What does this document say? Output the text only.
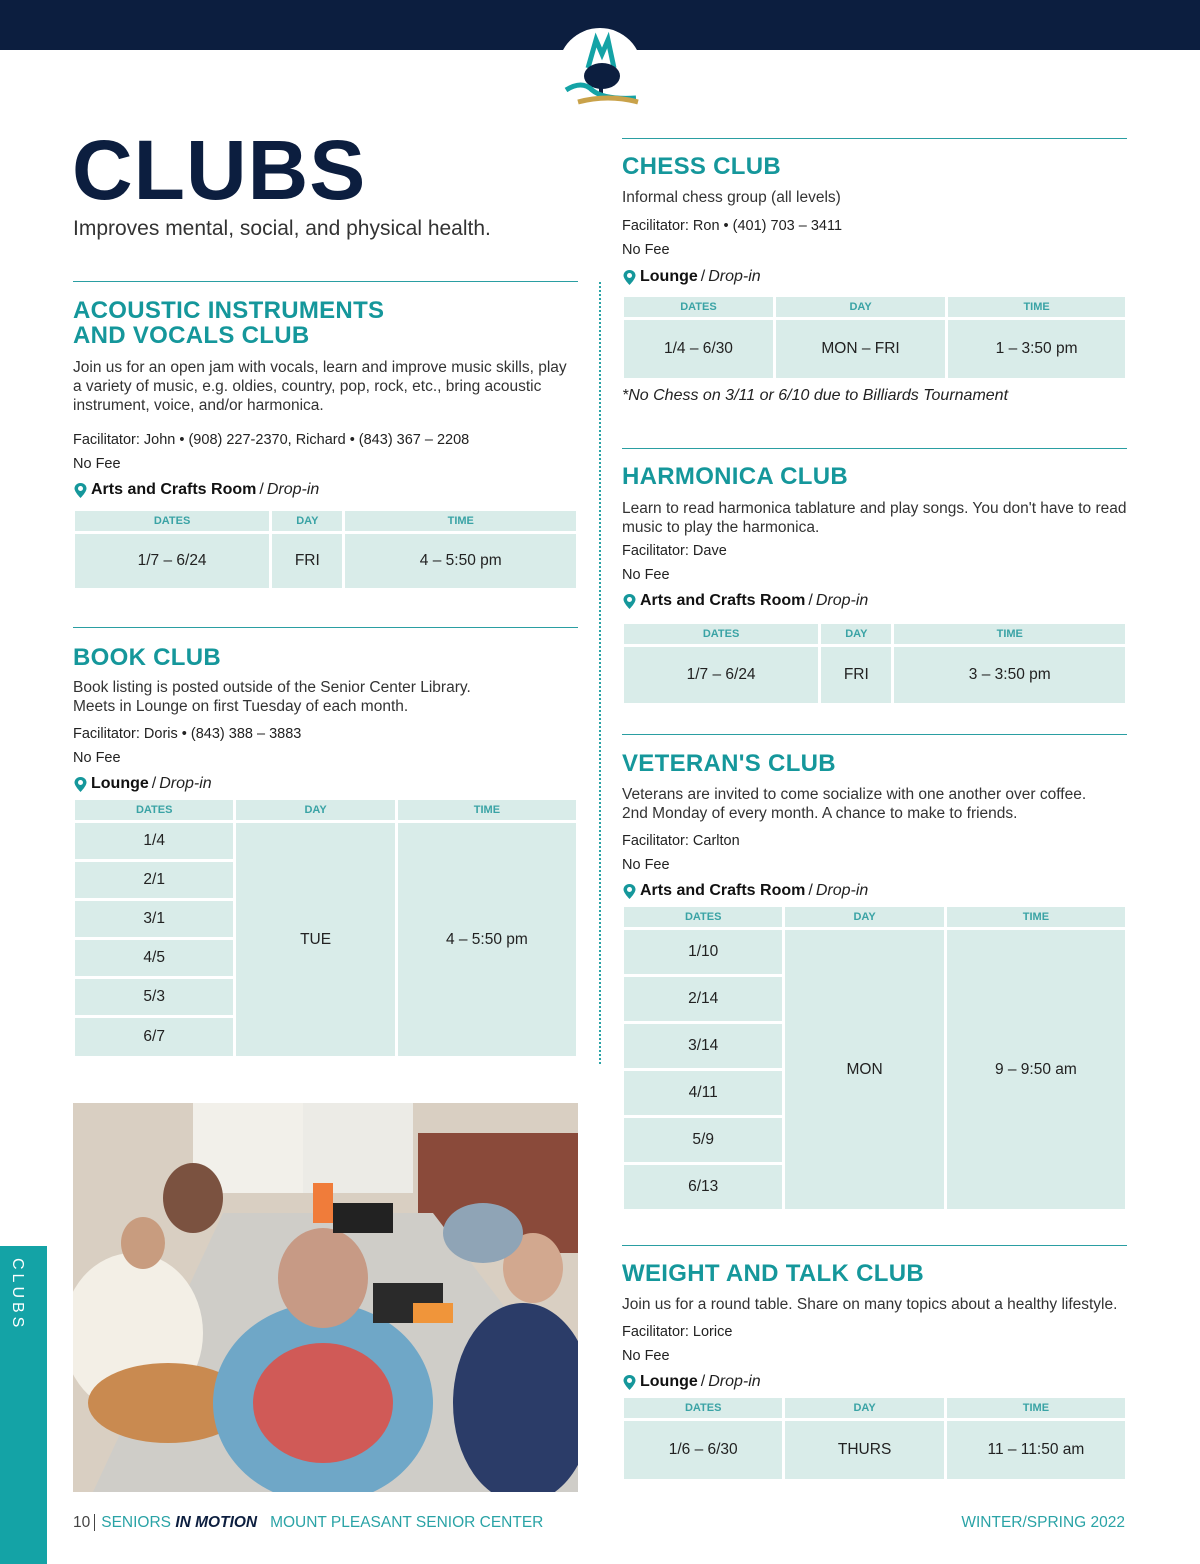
CLUBS
CLUBS
Improves mental, social, and physical health.
ACOUSTIC INSTRUMENTS
AND VOCALS CLUB
Join us for an open jam with vocals, learn and improve music skills, play a variety of music, e.g. oldies, country, pop, rock, etc., bring acoustic instrument, voice, and/or harmonica.
Facilitator: John • (908) 227-2370, Richard • (843) 367 – 2208
No Fee
Arts and Crafts Room / Drop-in
DATES	DAY	TIME
1/7 – 6/24	FRI	4 – 5:50 pm
BOOK CLUB
Book listing is posted outside of the Senior Center Library.
Meets in Lounge on first Tuesday of each month.
Facilitator: Doris • (843) 388 – 3883
No Fee
Lounge / Drop-in
DATES	DAY	TIME
1/4	TUE	4 – 5:50 pm
2/1		
3/1		
4/5		
5/3		
6/7		
CHESS CLUB
Informal chess group (all levels)
Facilitator: Ron • (401) 703 – 3411
No Fee
Lounge / Drop-in
DATES	DAY	TIME
1/4 – 6/30	MON – FRI	1 – 3:50 pm
*No Chess on 3/11 or 6/10 due to Billiards Tournament
HARMONICA CLUB
Learn to read harmonica tablature and play songs. You don't have to read music to play the harmonica.
Facilitator: Dave
No Fee
Arts and Crafts Room / Drop-in
DATES	DAY	TIME
1/7 – 6/24	FRI	3 – 3:50 pm
VETERAN'S CLUB
Veterans are invited to come socialize with one another over coffee.
2nd Monday of every month. A chance to make to friends.
Facilitator: Carlton
No Fee
Arts and Crafts Room / Drop-in
DATES	DAY	TIME
1/10	MON	9 – 9:50 am
2/14		
3/14		
4/11		
5/9		
6/13		
WEIGHT AND TALK CLUB
Join us for a round table. Share on many topics about a healthy lifestyle.
Facilitator: Lorice
No Fee
Lounge / Drop-in
DATES	DAY	TIME
1/6 – 6/30	THURS	11 – 11:50 am
10 SENIORS IN MOTION MOUNT PLEASANT SENIOR CENTER	WINTER/SPRING 2022
